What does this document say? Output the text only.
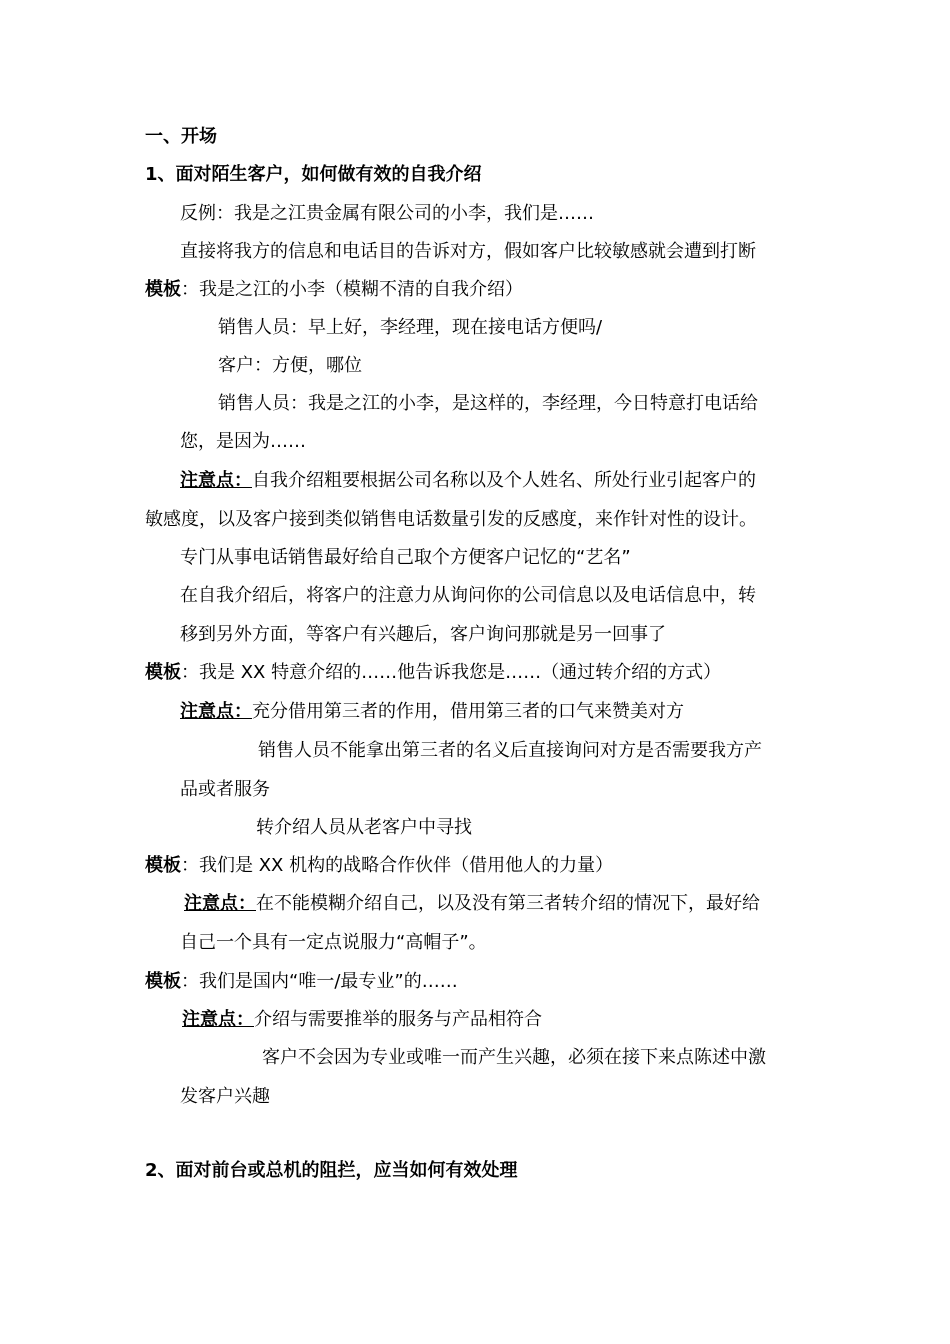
一、开场
1、面对陌生客户，如何做有效的自我介绍
反例：我是之江贵金属有限公司的小李，我们是……
直接将我方的信息和电话目的告诉对方，假如客户比较敏感就会遭到打断
模板：我是之江的小李（模糊不清的自我介绍）
销售人员：早上好，李经理，现在接电话方便吗/
客户：方便，哪位
销售人员：我是之江的小李，是这样的，李经理，今日特意打电话给
您，是因为……
注意点：自我介绍粗要根据公司名称以及个人姓名、所处行业引起客户的
敏感度，以及客户接到类似销售电话数量引发的反感度，来作针对性的设计。
专门从事电话销售最好给自己取个方便客户记忆的“艺名”
在自我介绍后，将客户的注意力从询问你的公司信息以及电话信息中，转
移到另外方面，等客户有兴趣后，客户询问那就是另一回事了
模板：我是 XX 特意介绍的……他告诉我您是……（通过转介绍的方式）
注意点：充分借用第三者的作用，借用第三者的口气来赞美对方
销售人员不能拿出第三者的名义后直接询问对方是否需要我方产
品或者服务
转介绍人员从老客户中寻找
模板：我们是 XX 机构的战略合作伙伴（借用他人的力量）
注意点：在不能模糊介绍自己，以及没有第三者转介绍的情况下，最好给
自己一个具有一定点说服力“高帽子”。
模板：我们是国内“唯一/最专业”的……
注意点：介绍与需要推举的服务与产品相符合
客户不会因为专业或唯一而产生兴趣，必须在接下来点陈述中激
发客户兴趣
2、面对前台或总机的阻拦，应当如何有效处理
